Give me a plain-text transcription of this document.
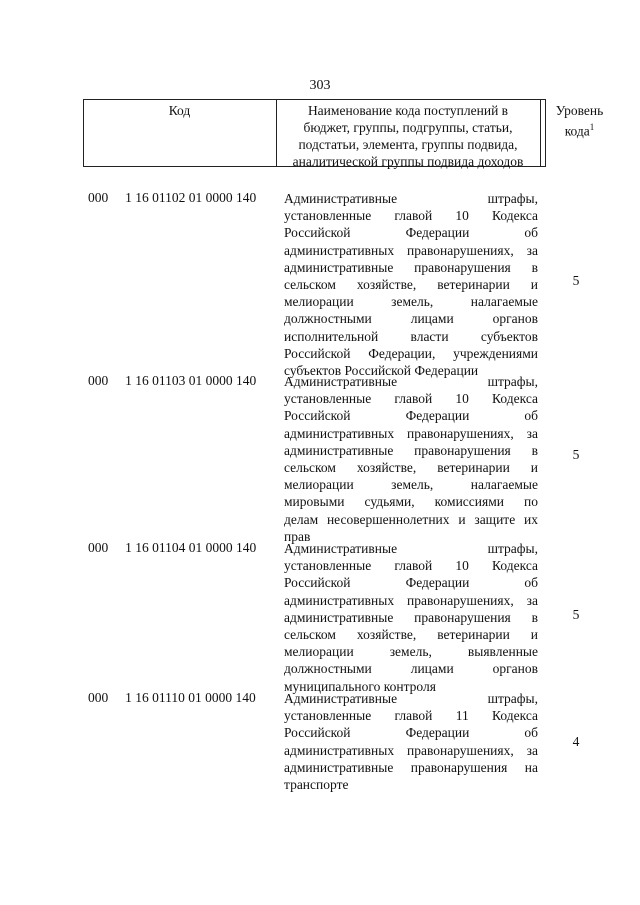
303
Код	Наименование кода поступлений в
бюджет, группы, подгруппы, статьи,
подстатьи, элемента, группы подвида,
аналитической группы подвида доходов
Уровень
кода$^1$
000 1 16 01102 01 0000 140 Административные штрафы,
установленные главой 10 Кодекса
Российской Федерации об
административных правонарушениях, за
административные правонарушения в
сельском хозяйстве, ветеринарии и
мелиорации земель, налагаемые
должностными лицами органов
исполнительной власти субъектов
Российской Федерации, учреждениями
субъектов Российской Федерации
5
000 1 16 01103 01 0000 140 Административные штрафы,
установленные главой 10 Кодекса
Российской Федерации об
административных правонарушениях, за
административные правонарушения в
сельском хозяйстве, ветеринарии и
мелиорации земель, налагаемые
мировыми судьями, комиссиями по
делам несовершеннолетних и защите их
прав
5
000 1 16 01104 01 0000 140 Административные штрафы,
установленные главой 10 Кодекса
Российской Федерации об
административных правонарушениях, за
административные правонарушения в
сельском хозяйстве, ветеринарии и
мелиорации земель, выявленные
должностными лицами органов
муниципального контроля
5
000 1 16 01110 01 0000 140 Административные штрафы,
установленные главой 11 Кодекса
Российской Федерации об
административных правонарушениях, за
административные правонарушения на
транспорте
4
